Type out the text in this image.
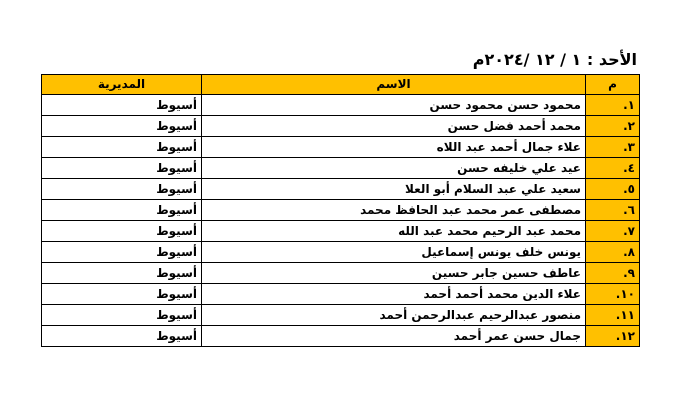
الأحد : ١ / ١٢ /٢٠٢٤م
م	الاسم	المديرية
١.	محمود حسن محمود حسن	أسيوط
٢.	محمد أحمد فضل حسن	أسيوط
٣.	علاء جمال أحمد عبد اللاه	أسيوط
٤.	عيد علي خليفه حسن	أسيوط
٥.	سعيد علي عبد السلام أبو العلا	أسيوط
٦.	مصطفى عمر محمد عبد الحافظ محمد	أسيوط
٧.	محمد عبد الرحيم محمد عبد الله	أسيوط
٨.	يونس خلف يونس إسماعيل	أسيوط
٩.	عاطف حسين جابر حسين	أسيوط
١٠.	علاء الدين محمد أحمد أحمد	أسيوط
١١.	منصور عبدالرحيم عبدالرحمن أحمد	أسيوط
١٢.	جمال حسن عمر أحمد	أسيوط
